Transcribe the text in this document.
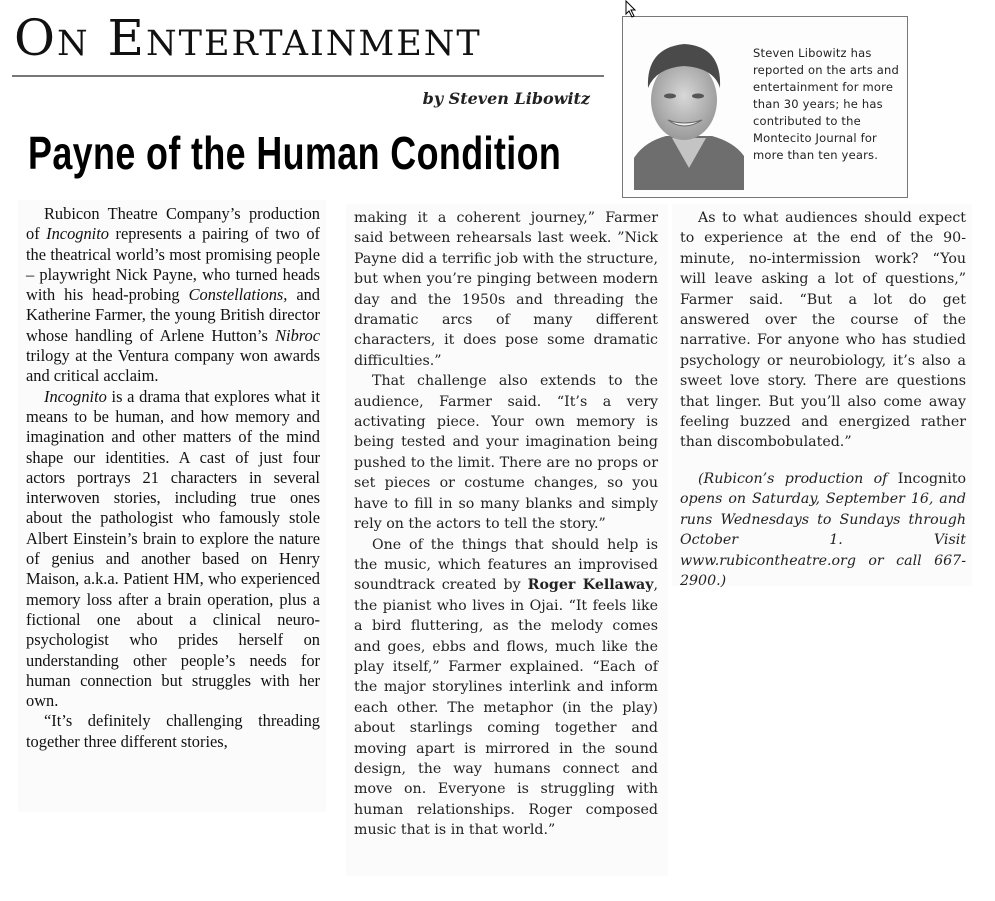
On Entertainment
by Steven Libowitz
Payne of the Human Condition
Steven Libowitz has reported on the arts and entertainment for more than 30 years; he has contributed to the Montecito Journal for more than ten years.

Rubicon Theatre Company’s production of Incognito represents a pairing of two of the theatrical world’s most promising people – playwright Nick Payne, who turned heads with his head-probing Constellations, and Katherine Farmer, the young British director whose handling of Arlene Hutton’s Nibroc trilogy at the Ventura company won awards and critical acclaim.

Incognito is a drama that explores what it means to be human, and how memory and imagination and other matters of the mind shape our identities. A cast of just four actors portrays 21 characters in several interwoven stories, including true ones about the pathologist who famously stole Albert Einstein’s brain to explore the nature of genius and another based on Henry Maison, a.k.a. Patient HM, who experienced memory loss after a brain operation, plus a fictional one about a clinical neuro-psychologist who prides herself on understanding other people’s needs for human connection but struggles with her own.

“It’s definitely challenging threading together three different stories,

making it a coherent journey,” Farmer said between rehearsals last week. ”Nick Payne did a terrific job with the structure, but when you’re pinging between modern day and the 1950s and threading the dramatic arcs of many different characters, it does pose some dramatic difficulties.”

That challenge also extends to the audience, Farmer said. “It’s a very activating piece. Your own memory is being tested and your imagination being pushed to the limit. There are no props or set pieces or costume changes, so you have to fill in so many blanks and simply rely on the actors to tell the story.”

One of the things that should help is the music, which features an improvised soundtrack created by Roger Kellaway, the pianist who lives in Ojai. “It feels like a bird fluttering, as the melody comes and goes, ebbs and flows, much like the play itself,” Farmer explained. “Each of the major storylines interlink and inform each other. The metaphor (in the play) about starlings coming together and moving apart is mirrored in the sound design, the way humans connect and move on. Everyone is struggling with human relationships. Roger composed music that is in that world.”

As to what audiences should expect to experience at the end of the 90-minute, no-intermission work? “You will leave asking a lot of questions,” Farmer said. “But a lot do get answered over the course of the narrative. For anyone who has studied psychology or neurobiology, it’s also a sweet love story. There are questions that linger. But you’ll also come away feeling buzzed and energized rather than discombobulated.”

(Rubicon’s production of Incognito opens on Saturday, September 16, and runs Wednesdays to Sundays through October 1. Visit www.rubicontheatre.org or call 667-2900.)
